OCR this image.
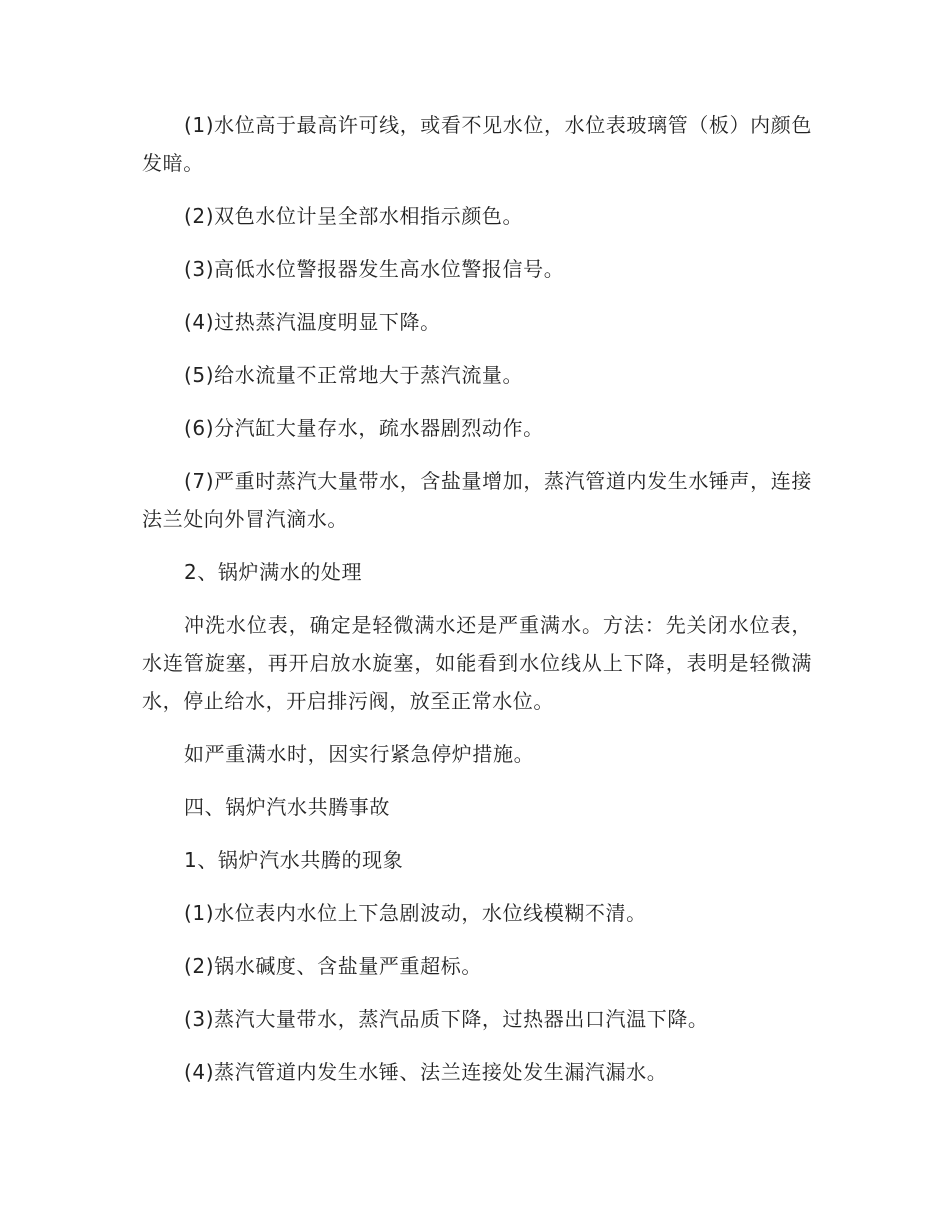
(1)水位高于最高许可线，或看不见水位，水位表玻璃管（板）内颜色发暗。

(2)双色水位计呈全部水相指示颜色。

(3)高低水位警报器发生高水位警报信号。

(4)过热蒸汽温度明显下降。

(5)给水流量不正常地大于蒸汽流量。

(6)分汽缸大量存水，疏水器剧烈动作。

(7)严重时蒸汽大量带水，含盐量增加，蒸汽管道内发生水锤声，连接法兰处向外冒汽滴水。

2、锅炉满水的处理

冲洗水位表，确定是轻微满水还是严重满水。方法：先关闭水位表，水连管旋塞，再开启放水旋塞，如能看到水位线从上下降，表明是轻微满水，停止给水，开启排污阀，放至正常水位。

如严重满水时，因实行紧急停炉措施。

四、锅炉汽水共腾事故

1、锅炉汽水共腾的现象

(1)水位表内水位上下急剧波动，水位线模糊不清。

(2)锅水碱度、含盐量严重超标。

(3)蒸汽大量带水，蒸汽品质下降，过热器出口汽温下降。

(4)蒸汽管道内发生水锤、法兰连接处发生漏汽漏水。
